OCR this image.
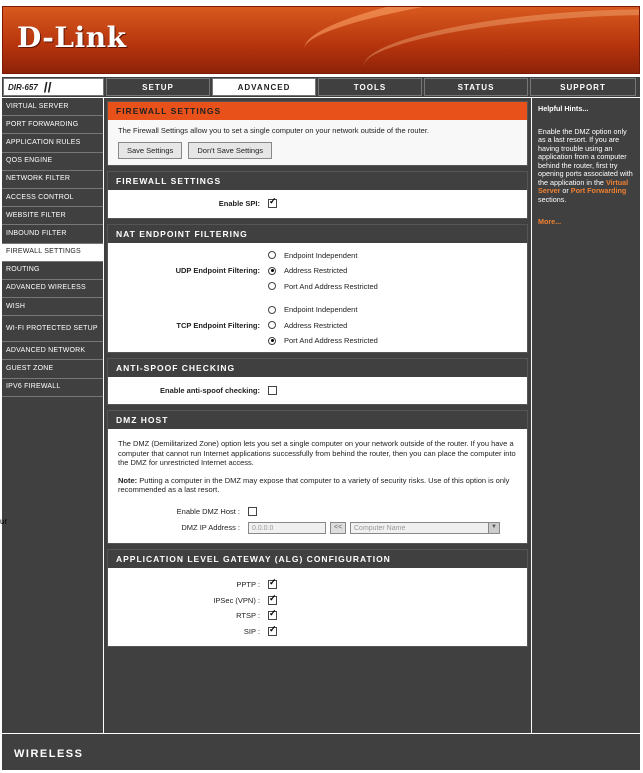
D-Link
DIR-657 //	SETUP	ADVANCED	TOOLS	STATUS	SUPPORT
VIRTUAL SERVER
PORT FORWARDING
APPLICATION RULES
QOS ENGINE
NETWORK FILTER
ACCESS CONTROL
WEBSITE FILTER
INBOUND FILTER
FIREWALL SETTINGS
ROUTING
ADVANCED WIRELESS
WISH
WI-FI PROTECTED SETUP
ADVANCED NETWORK
GUEST ZONE
IPV6 FIREWALL
FIREWALL SETTINGS
The Firewall Settings allow you to set a single computer on your network outside of the router.
Save Settings	Don't Save Settings
FIREWALL SETTINGS
Enable SPI:
✓
NAT ENDPOINT FILTERING
Endpoint Independent
UDP Endpoint Filtering:	Address Restricted
Port And Address Restricted
Endpoint Independent
TCP Endpoint Filtering:	Address Restricted
Port And Address Restricted
ANTI-SPOOF CHECKING
Enable anti-spoof checking:
DMZ HOST
The DMZ (Demilitarized Zone) option lets you set a single computer on your network outside of the router. If you have a computer that cannot run Internet applications successfully from behind the router, then you can place the computer into the DMZ for unrestricted Internet access.
Note: Putting a computer in the DMZ may expose that computer to a variety of security risks. Use of this option is only recommended as a last resort.
Enable DMZ Host :
DMZ IP Address :	0.0.0.0	<<	Computer Name	▼
APPLICATION LEVEL GATEWAY (ALG) CONFIGURATION
PPTP :
✓
IPSec (VPN) :
✓
RTSP :
✓
SIP :
✓
Helpful Hints...
Enable the DMZ option only as a last resort. If you are having trouble using an application from a computer behind the router, first try opening ports associated with the application in the Virtual Server or Port Forwarding sections.
More...
WIRELESS
ur
